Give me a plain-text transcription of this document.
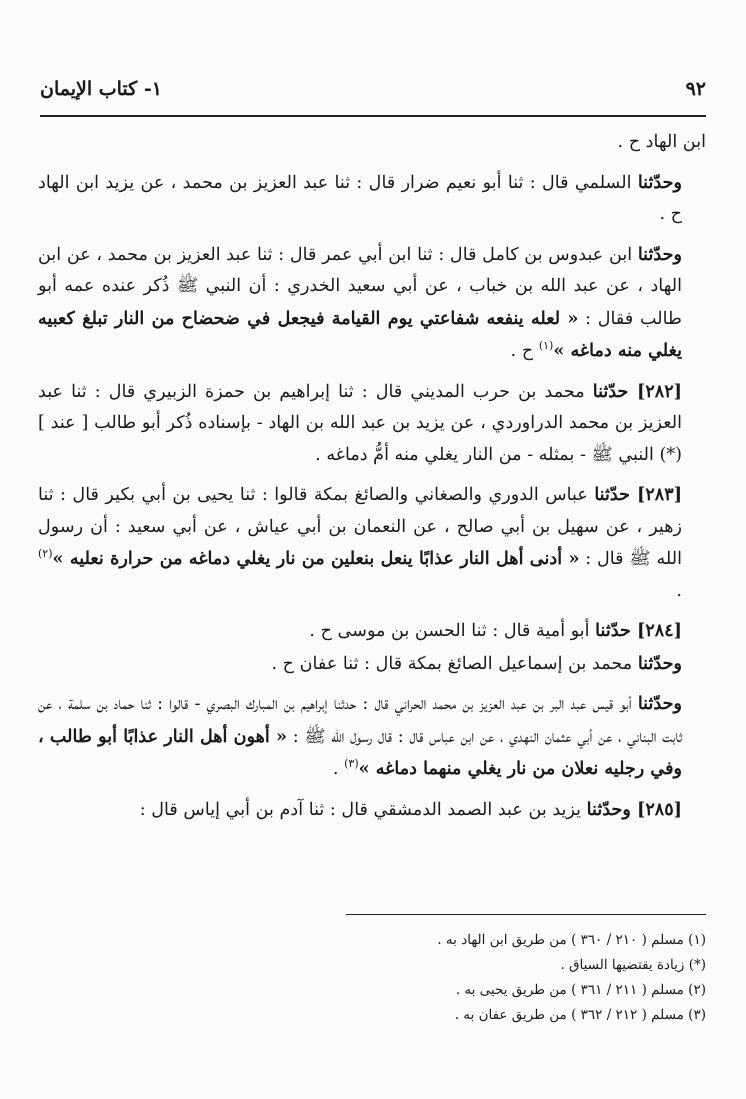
٩٢
١- كتاب الإيمان

ابن الهاد ح .

وحدّثنا السلمي قال : ثنا أبو نعيم ضرار قال : ثنا عبد العزيز بن محمد ، عن يزيد ابن الهاد ح .

وحدّثنا ابن عبدوس بن كامل قال : ثنا ابن أبي عمر قال : ثنا عبد العزيز بن محمد ، عن ابن الهاد ، عن عبد الله بن خباب ، عن أبي سعيد الخدري : أن النبي ﷺ ذُكر عنده عمه أبو طالب فقال : « لعله ينفعه شفاعتي يوم القيامة فيجعل في ضحضاح من النار تبلغ كعبيه يغلي منه دماغه »$^{(١)}$ ح .

[٢٨٢] حدّثنا محمد بن حرب المديني قال : ثنا إبراهيم بن حمزة الزبيري قال : ثنا عبد العزيز بن محمد الدراوردي ، عن يزيد بن عبد الله بن الهاد - بإسناده ذُكر أبو طالب [ عند ](*) النبي ﷺ - بمثله - من النار يغلي منه أمُّ دماغه .

[٢٨٣] حدّثنا عباس الدوري والصغاني والصائغ بمكة قالوا : ثنا يحيى بن أبي بكير قال : ثنا زهير ، عن سهيل بن أبي صالح ، عن النعمان بن أبي عياش ، عن أبي سعيد : أن رسول الله ﷺ قال : « أدنى أهل النار عذابًا ينعل بنعلين من نار يغلي دماغه من حرارة نعليه »$^{(٢)}$ .

[٢٨٤] حدّثنا أبو أمية قال : ثنا الحسن بن موسى ح .

وحدّثنا محمد بن إسماعيل الصائغ بمكة قال : ثنا عفان ح .

وحدّثنا أبو قيس عبد البر بن عبد العزيز بن محمد الحراني قال : حدثنا إبراهيم بن المبارك البصري - قالوا : ثنا حماد بن سلمة ، عن ثابت البناني ، عن أبي عثمان النهدي ، عن ابن عباس قال : قال رسول الله ﷺ : « أهون أهل النار عذابًا أبو طالب ، وفي رجليه نعلان من نار يغلي منهما دماغه »$^{(٣)}$ .

[٢٨٥] وحدّثنا يزيد بن عبد الصمد الدمشقي قال : ثنا آدم بن أبي إياس قال :

(١) مسلم ( ٢١٠ / ٣٦٠ ) من طريق ابن الهاد به .

(*) زيادة يقتضيها السياق .

(٢) مسلم ( ٢١١ / ٣٦١ ) من طريق يحيى به .

(٣) مسلم ( ٢١٢ / ٣٦٢ ) من طريق عفان به .
